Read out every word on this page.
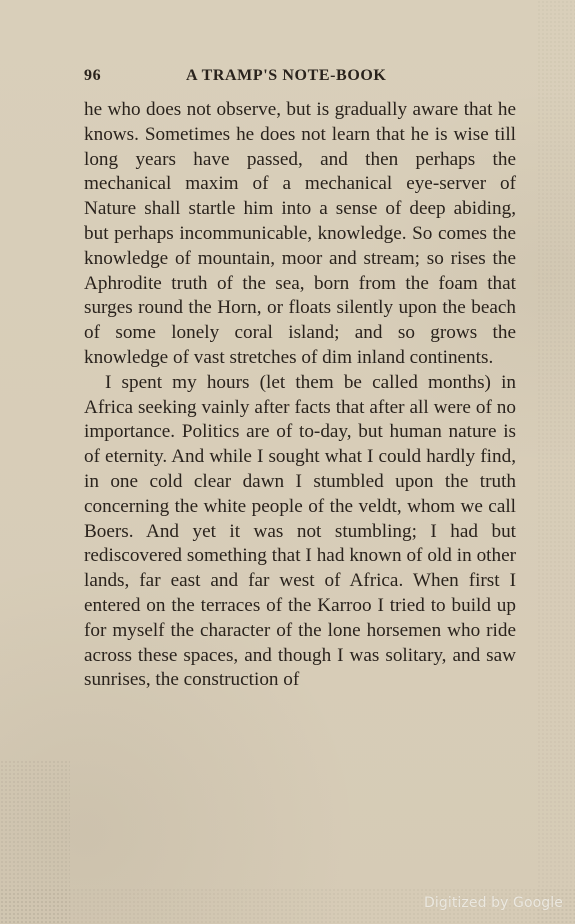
96	A TRAMP'S NOTE-BOOK

he who does not observe, but is gradually aware that he knows. Sometimes he does not learn that he is wise till long years have passed, and then perhaps the mechanical maxim of a mechanical eye-server of Nature shall startle him into a sense of deep abiding, but perhaps incommunicable, knowledge. So comes the knowledge of mountain, moor and stream; so rises the Aphrodite truth of the sea, born from the foam that surges round the Horn, or floats silently upon the beach of some lonely coral island; and so grows the knowledge of vast stretches of dim inland continents.

I spent my hours (let them be called months) in Africa seeking vainly after facts that after all were of no importance. Politics are of to-day, but human nature is of eternity. And while I sought what I could hardly find, in one cold clear dawn I stumbled upon the truth concerning the white people of the veldt, whom we call Boers. And yet it was not stumbling; I had but rediscovered something that I had known of old in other lands, far east and far west of Africa. When first I entered on the terraces of the Karroo I tried to build up for myself the character of the lone horsemen who ride across these spaces, and though I was solitary, and saw sunrises, the construction of

Digitized by Google
